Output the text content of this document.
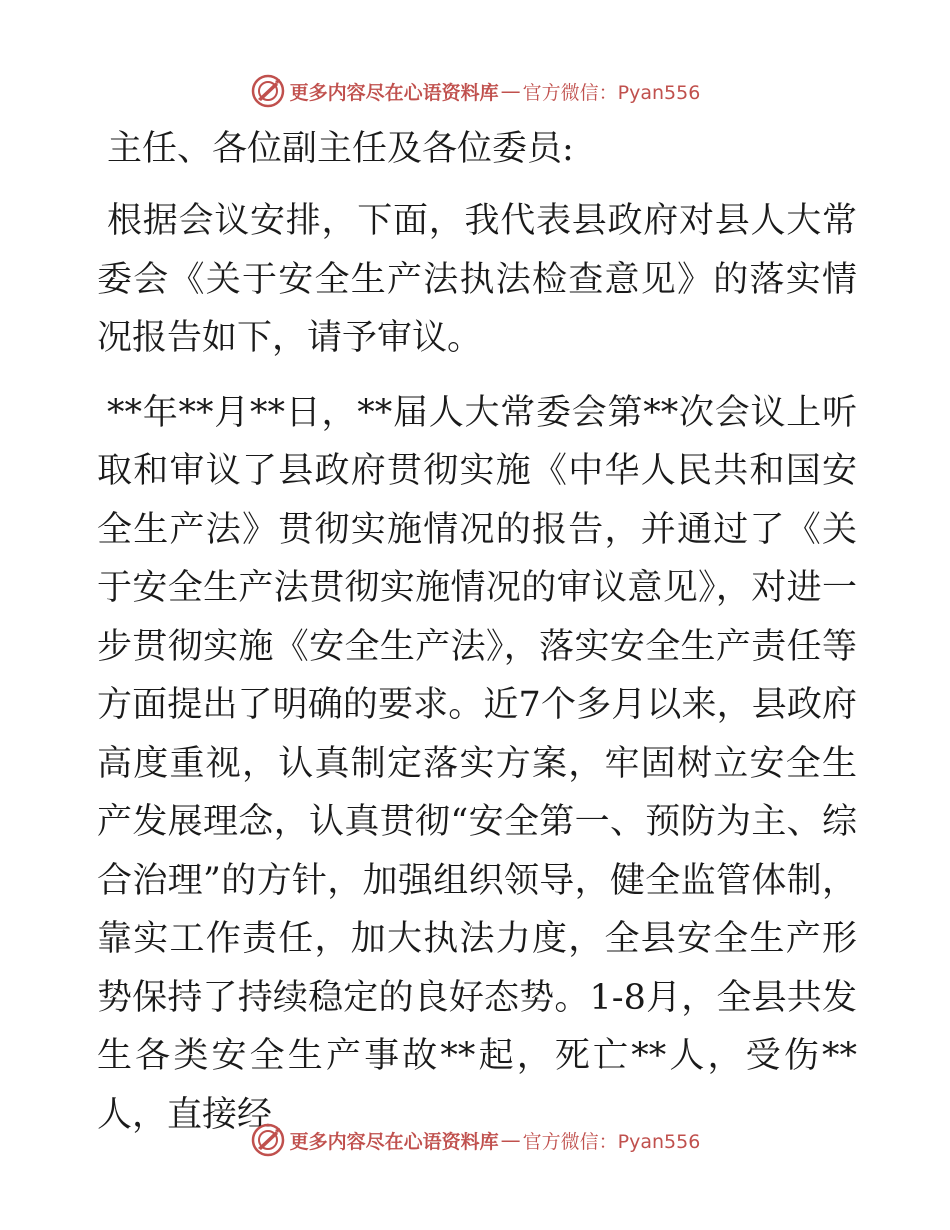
更多内容尽在心语资料库 — 官方微信：Pyan556

主任、各位副主任及各位委员:

根据会议安排，下面，我代表县政府对县人大常委会《关于安全生产法执法检查意见》的落实情况报告如下，请予审议。

**年**月**日，**届人大常委会第**次会议上听取和审议了县政府贯彻实施《中华人民共和国安全生产法》贯彻实施情况的报告，并通过了《关于安全生产法贯彻实施情况的审议意见》，对进一步贯彻实施《安全生产法》，落实安全生产责任等方面提出了明确的要求。近7个多月以来，县政府高度重视，认真制定落实方案，牢固树立安全生产发展理念，认真贯彻“安全第一、预防为主、综合治理”的方针，加强组织领导，健全监管体制，靠实工作责任，加大执法力度，全县安全生产形势保持了持续稳定的良好态势。1-8月，全县共发生各类安全生产事故**起，死亡**人，受伤**人，直接经

更多内容尽在心语资料库 — 官方微信：Pyan556
